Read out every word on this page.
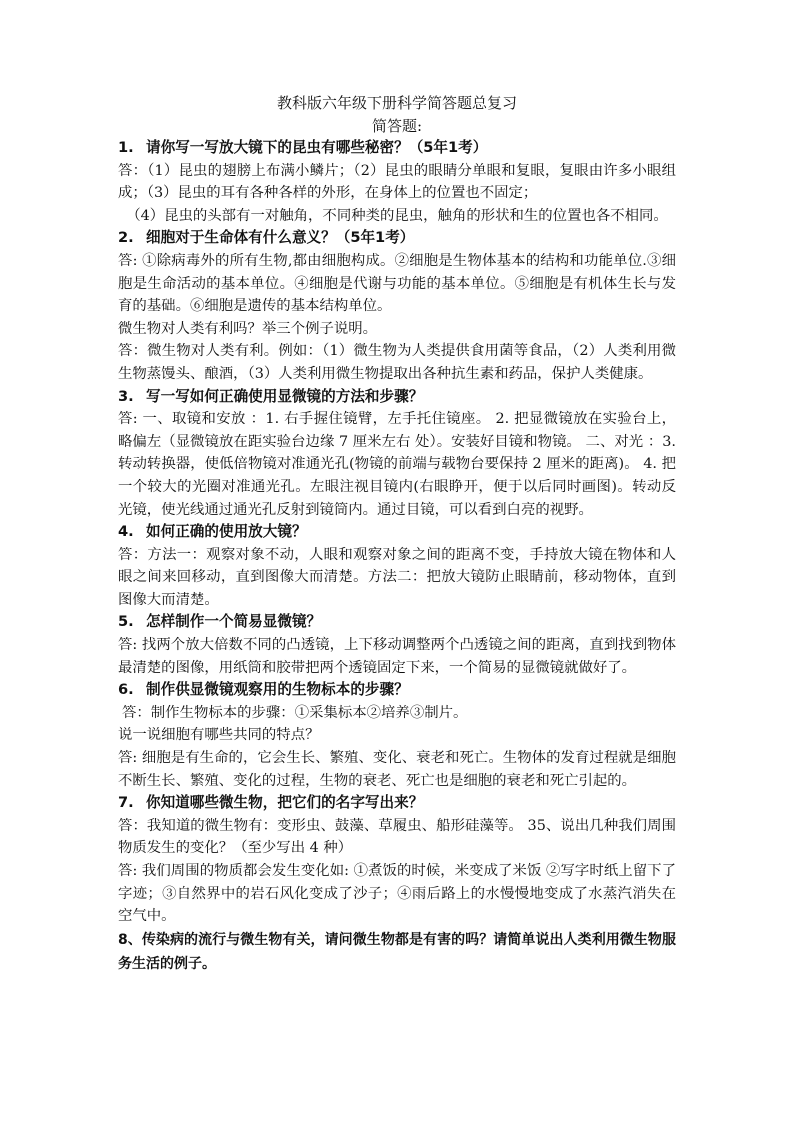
教科版六年级下册科学简答题总复习
简答题:
1. 请你写一写放大镜下的昆虫有哪些秘密？（5年1考）
答：（1）昆虫的翅膀上布满小鳞片；（2）昆虫的眼睛分单眼和复眼，复眼由许多小眼组成；（3）昆虫的耳有各种各样的外形，在身体上的位置也不固定；
（4）昆虫的头部有一对触角，不同种类的昆虫，触角的形状和生的位置也各不相同。
2. 细胞对于生命体有什么意义？（5年1考）
答: ①除病毒外的所有生物,都由细胞构成。②细胞是生物体基本的结构和功能单位.③细胞是生命活动的基本单位。④细胞是代谢与功能的基本单位。⑤细胞是有机体生长与发育的基础。⑥细胞是遗传的基本结构单位。
微生物对人类有利吗？举三个例子说明。
答：微生物对人类有利。例如：（1）微生物为人类提供食用菌等食品，（2）人类利用微生物蒸馒头、酿酒，（3）人类利用微生物提取出各种抗生素和药品，保护人类健康。
3. 写一写如何正确使用显微镜的方法和步骤？
答: 一、取镜和安放 ：1. 右手握住镜臂，左手托住镜座。 2. 把显微镜放在实验台上，略偏左（显微镜放在距实验台边缘 7 厘米左右 处）。安装好目镜和物镜。 二、对光 ：3. 转动转换器，使低倍物镜对准通光孔(物镜的前端与载物台要保持 2 厘米的距离)。 4. 把一个较大的光圈对准通光孔。左眼注视目镜内(右眼睁开，便于以后同时画图)。转动反光镜，使光线通过通光孔反射到镜筒内。通过目镜，可以看到白亮的视野。
4. 如何正确的使用放大镜？
答：方法一：观察对象不动，人眼和观察对象之间的距离不变，手持放大镜在物体和人眼之间来回移动，直到图像大而清楚。方法二：把放大镜防止眼睛前，移动物体，直到图像大而清楚。
5. 怎样制作一个简易显微镜？
答: 找两个放大倍数不同的凸透镜，上下移动调整两个凸透镜之间的距离，直到找到物体最清楚的图像，用纸筒和胶带把两个透镜固定下来，一个简易的显微镜就做好了。
6. 制作供显微镜观察用的生物标本的步骤？
答：制作生物标本的步骤：①采集标本②培养③制片。
说一说细胞有哪些共同的特点？
答: 细胞是有生命的，它会生长、繁殖、变化、衰老和死亡。生物体的发育过程就是细胞不断生长、繁殖、变化的过程，生物的衰老、死亡也是细胞的衰老和死亡引起的。
7. 你知道哪些微生物，把它们的名字写出来？
答：我知道的微生物有：变形虫、鼓藻、草履虫、船形硅藻等。 35、说出几种我们周围物质发生的变化？（至少写出 4 种）
答: 我们周围的物质都会发生变化如: ①煮饭的时候，米变成了米饭 ②写字时纸上留下了字迹；③自然界中的岩石风化变成了沙子；④雨后路上的水慢慢地变成了水蒸汽消失在空气中。
8、传染病的流行与微生物有关，请问微生物都是有害的吗？请简单说出人类利用微生物服务生活的例子。
